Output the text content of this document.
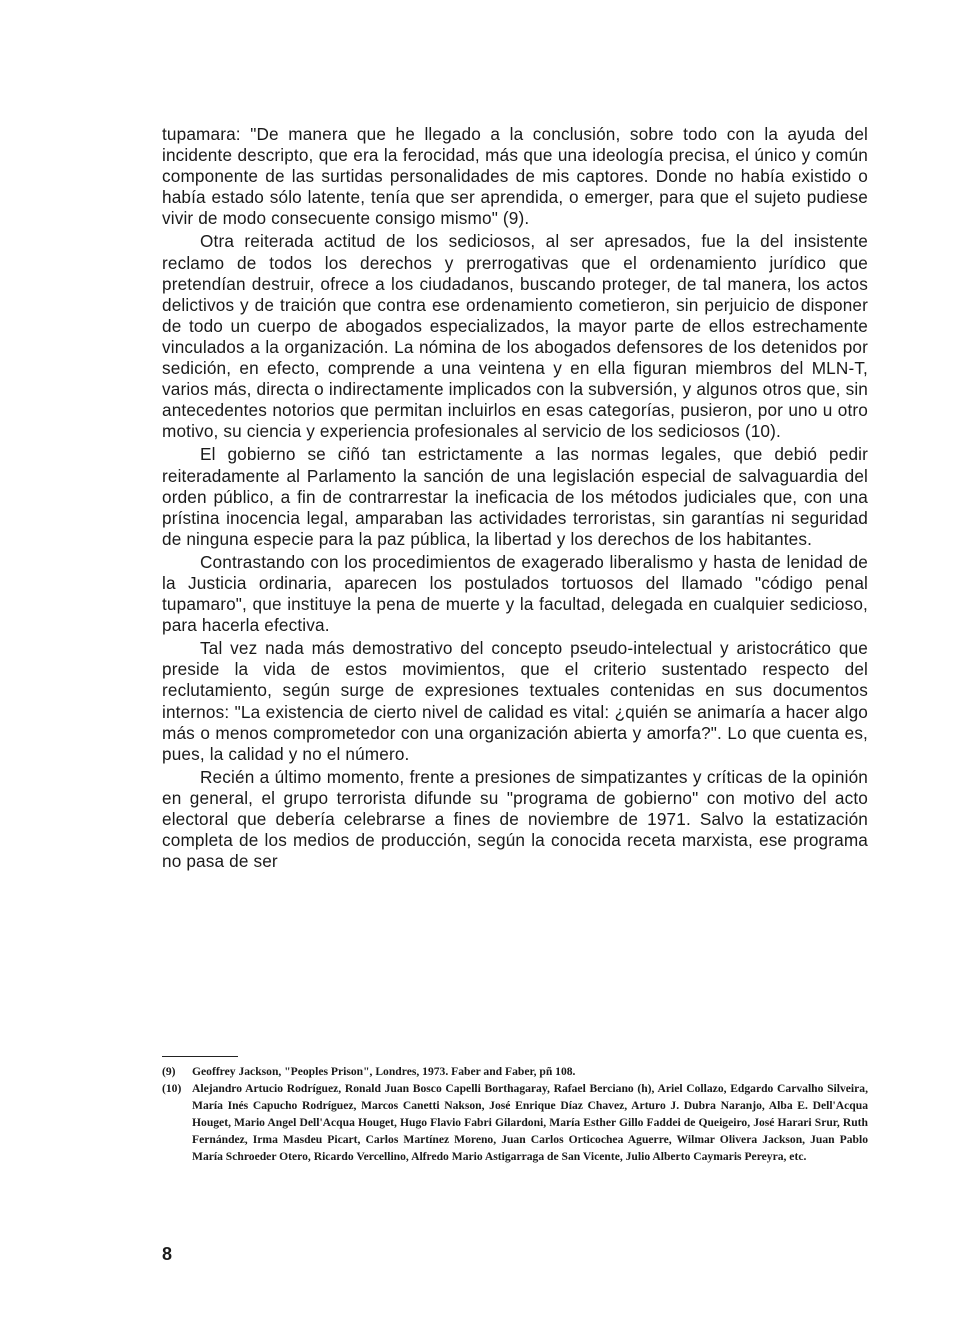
tupamara: "De manera que he llegado a la conclusión, sobre todo con la ayuda del incidente descripto, que era la ferocidad, más que una ideología precisa, el único y común componente de las surtidas personalidades de mis captores. Donde no había existido o había estado sólo latente, tenía que ser aprendida, o emerger, para que el sujeto pudiese vivir de modo consecuente consigo mismo" (9).

Otra reiterada actitud de los sediciosos, al ser apresados, fue la del insistente reclamo de todos los derechos y prerrogativas que el ordenamiento jurídico que pretendían destruir, ofrece a los ciudadanos, buscando proteger, de tal manera, los actos delictivos y de traición que contra ese ordenamiento cometieron, sin perjuicio de disponer de todo un cuerpo de abogados especializados, la mayor parte de ellos estrechamente vinculados a la organización. La nómina de los abogados defensores de los detenidos por sedición, en efecto, comprende a una veintena y en ella figuran miembros del MLN-T, varios más, directa o indirectamente implicados con la subversión, y algunos otros que, sin antecedentes notorios que permitan incluirlos en esas categorías, pusieron, por uno u otro motivo, su ciencia y experiencia profesionales al servicio de los sediciosos (10).

El gobierno se ciñó tan estrictamente a las normas legales, que debió pedir reiteradamente al Parlamento la sanción de una legislación especial de salvaguardia del orden público, a fin de contrarrestar la ineficacia de los métodos judiciales que, con una prístina inocencia legal, amparaban las actividades terroristas, sin garantías ni seguridad de ninguna especie para la paz pública, la libertad y los derechos de los habitantes.

Contrastando con los procedimientos de exagerado liberalismo y hasta de lenidad de la Justicia ordinaria, aparecen los postulados tortuosos del llamado "código penal tupamaro", que instituye la pena de muerte y la facultad, delegada en cualquier sedicioso, para hacerla efectiva.

Tal vez nada más demostrativo del concepto pseudo-intelectual y aristocrático que preside la vida de estos movimientos, que el criterio sustentado respecto del reclutamiento, según surge de expresiones textuales contenidas en sus documentos internos: "La existencia de cierto nivel de calidad es vital: ¿quién se animaría a hacer algo más o menos comprometedor con una organización abierta y amorfa?". Lo que cuenta es, pues, la calidad y no el número.

Recién a último momento, frente a presiones de simpatizantes y críticas de la opinión en general, el grupo terrorista difunde su "programa de gobierno" con motivo del acto electoral que debería celebrarse a fines de noviembre de 1971. Salvo la estatización completa de los medios de producción, según la conocida receta marxista, ese programa no pasa de ser

(9)	Geoffrey Jackson, "Peoples Prison", Londres, 1973. Faber and Faber, pñ 108.
(10) Alejandro Artucio Rodríguez, Ronald Juan Bosco Capelli Borthagaray, Rafael Berciano (h), Ariel Collazo, Edgardo Carvalho Silveira, María Inés Capucho Rodríguez, Marcos Canetti Nakson, José Enrique Díaz Chavez, Arturo J. Dubra Naranjo, Alba E. Dell'Acqua Houget, Mario Angel Dell'Acqua Houget, Hugo Flavio Fabri Gilardoni, María Esther Gillo Faddei de Queigeiro, José Harari Srur, Ruth Fernández, Irma Masdeu Picart, Carlos Martínez Moreno, Juan Carlos Orticochea Aguerre, Wilmar Olivera Jackson, Juan Pablo María Schroeder Otero, Ricardo Vercellino, Alfredo Mario Astigarraga de San Vicente, Julio Alberto Caymaris Pereyra, etc.
8
